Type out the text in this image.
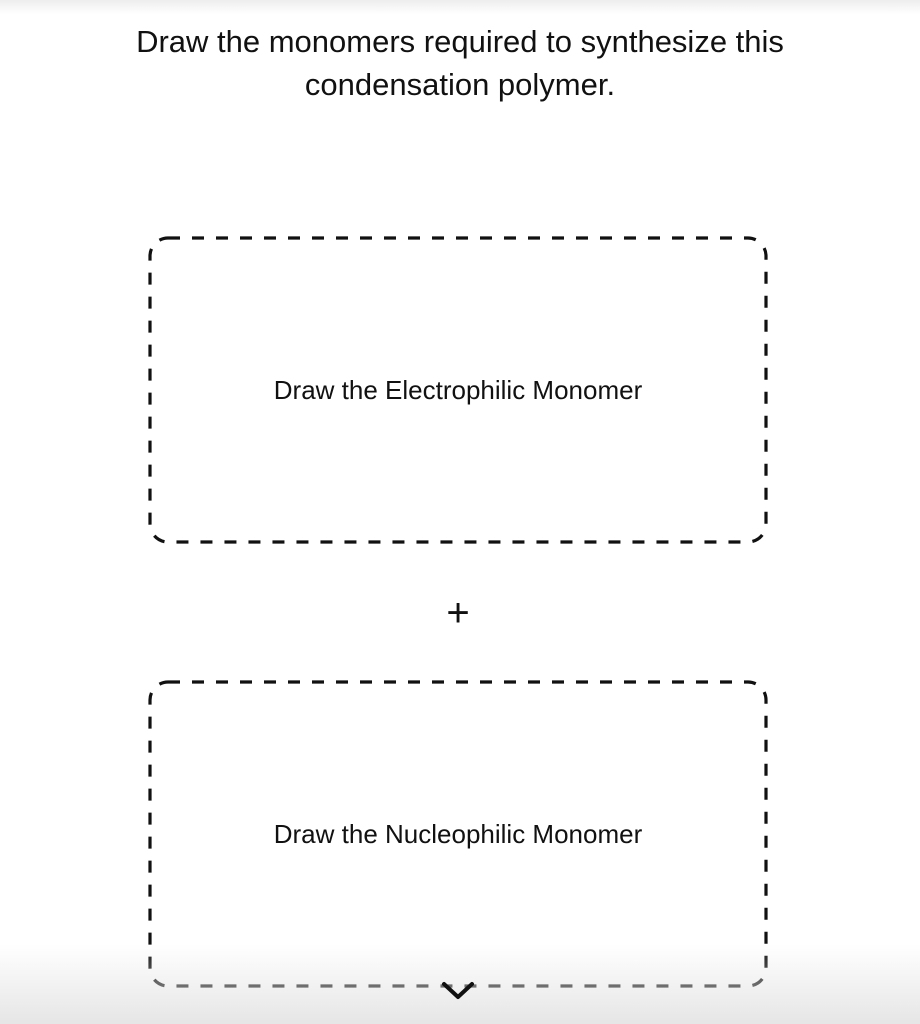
Draw the monomers required to synthesize this condensation polymer.
Draw the Electrophilic Monomer
+
Draw the Nucleophilic Monomer
